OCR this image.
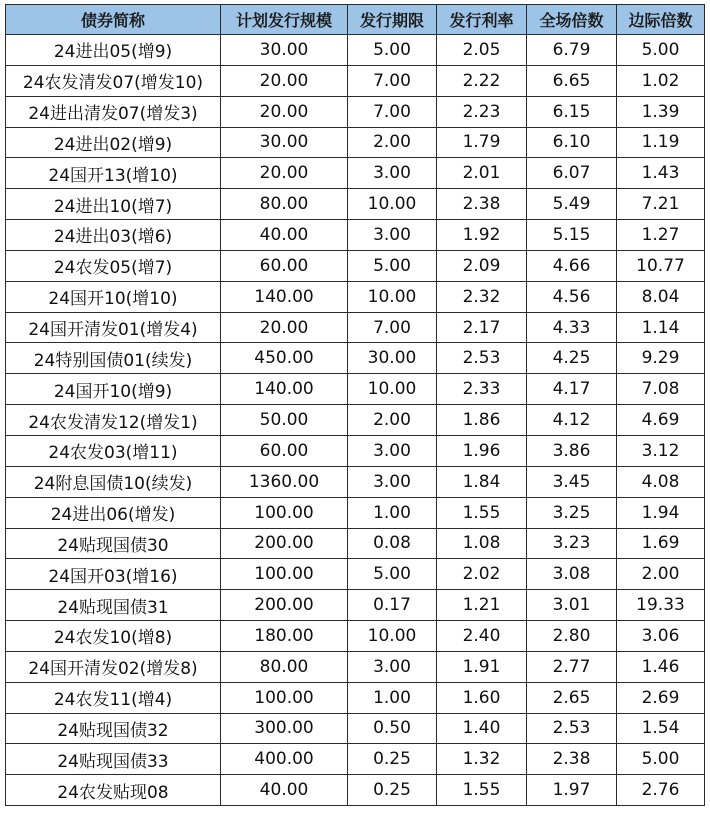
债券简称	计划发行规模	发行期限	发行利率	全场倍数	边际倍数
24进出05(增9)	30.00	5.00	2.05	6.79	5.00
24农发清发07(增发10)	20.00	7.00	2.22	6.65	1.02
24进出清发07(增发3)	20.00	7.00	2.23	6.15	1.39
24进出02(增9)	30.00	2.00	1.79	6.10	1.19
24国开13(增10)	20.00	3.00	2.01	6.07	1.43
24进出10(增7)	80.00	10.00	2.38	5.49	7.21
24进出03(增6)	40.00	3.00	1.92	5.15	1.27
24农发05(增7)	60.00	5.00	2.09	4.66	10.77
24国开10(增10)	140.00	10.00	2.32	4.56	8.04
24国开清发01(增发4)	20.00	7.00	2.17	4.33	1.14
24特别国债01(续发)	450.00	30.00	2.53	4.25	9.29
24国开10(增9)	140.00	10.00	2.33	4.17	7.08
24农发清发12(增发1)	50.00	2.00	1.86	4.12	4.69
24农发03(增11)	60.00	3.00	1.96	3.86	3.12
24附息国债10(续发)	1360.00	3.00	1.84	3.45	4.08
24进出06(增发)	100.00	1.00	1.55	3.25	1.94
24贴现国债30	200.00	0.08	1.08	3.23	1.69
24国开03(增16)	100.00	5.00	2.02	3.08	2.00
24贴现国债31	200.00	0.17	1.21	3.01	19.33
24农发10(增8)	180.00	10.00	2.40	2.80	3.06
24国开清发02(增发8)	80.00	3.00	1.91	2.77	1.46
24农发11(增4)	100.00	1.00	1.60	2.65	2.69
24贴现国债32	300.00	0.50	1.40	2.53	1.54
24贴现国债33	400.00	0.25	1.32	2.38	5.00
24农发贴现08	40.00	0.25	1.55	1.97	2.76
